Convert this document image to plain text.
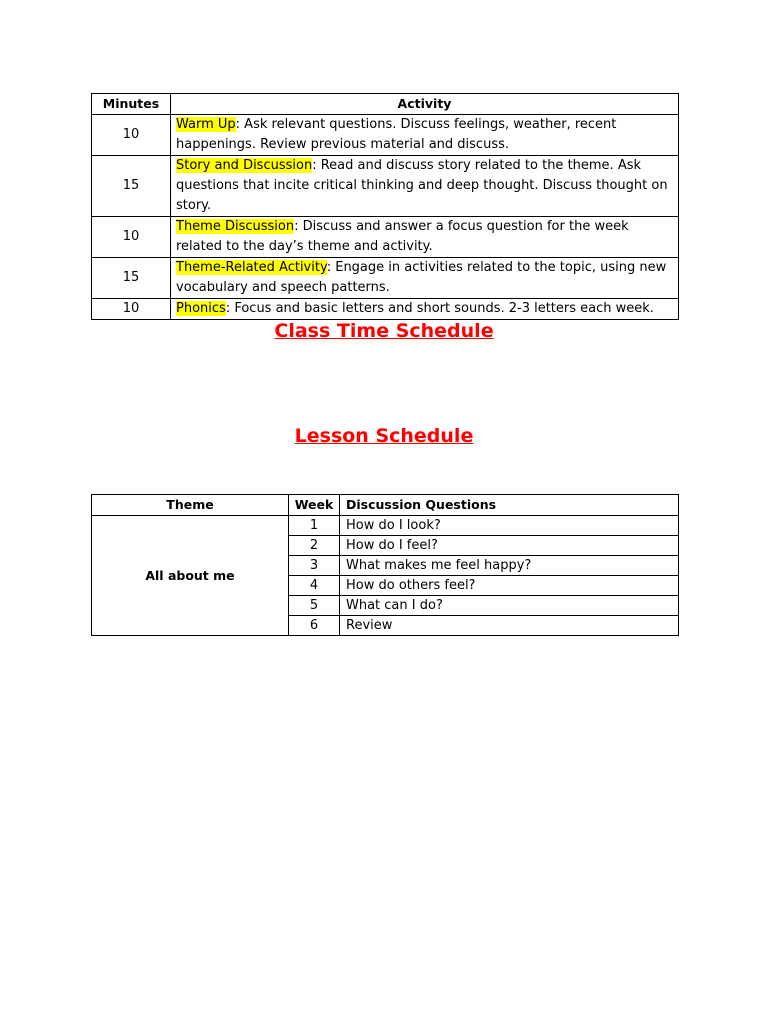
Minutes	Activity
10	Warm Up: Ask relevant questions. Discuss feelings, weather, recent happenings. Review previous material and discuss.
15	Story and Discussion: Read and discuss story related to the theme. Ask questions that incite critical thinking and deep thought. Discuss thought on story.
10	Theme Discussion: Discuss and answer a focus question for the week related to the day’s theme and activity.
15	Theme-Related Activity: Engage in activities related to the topic, using new vocabulary and speech patterns.
10	Phonics: Focus and basic letters and short sounds. 2-3 letters each week.
Class Time Schedule
Lesson Schedule
Theme	Week	Discussion Questions
All about me	1	How do I look?
	2	How do I feel?
	3	What makes me feel happy?
	4	How do others feel?
	5	What can I do?
	6	Review
